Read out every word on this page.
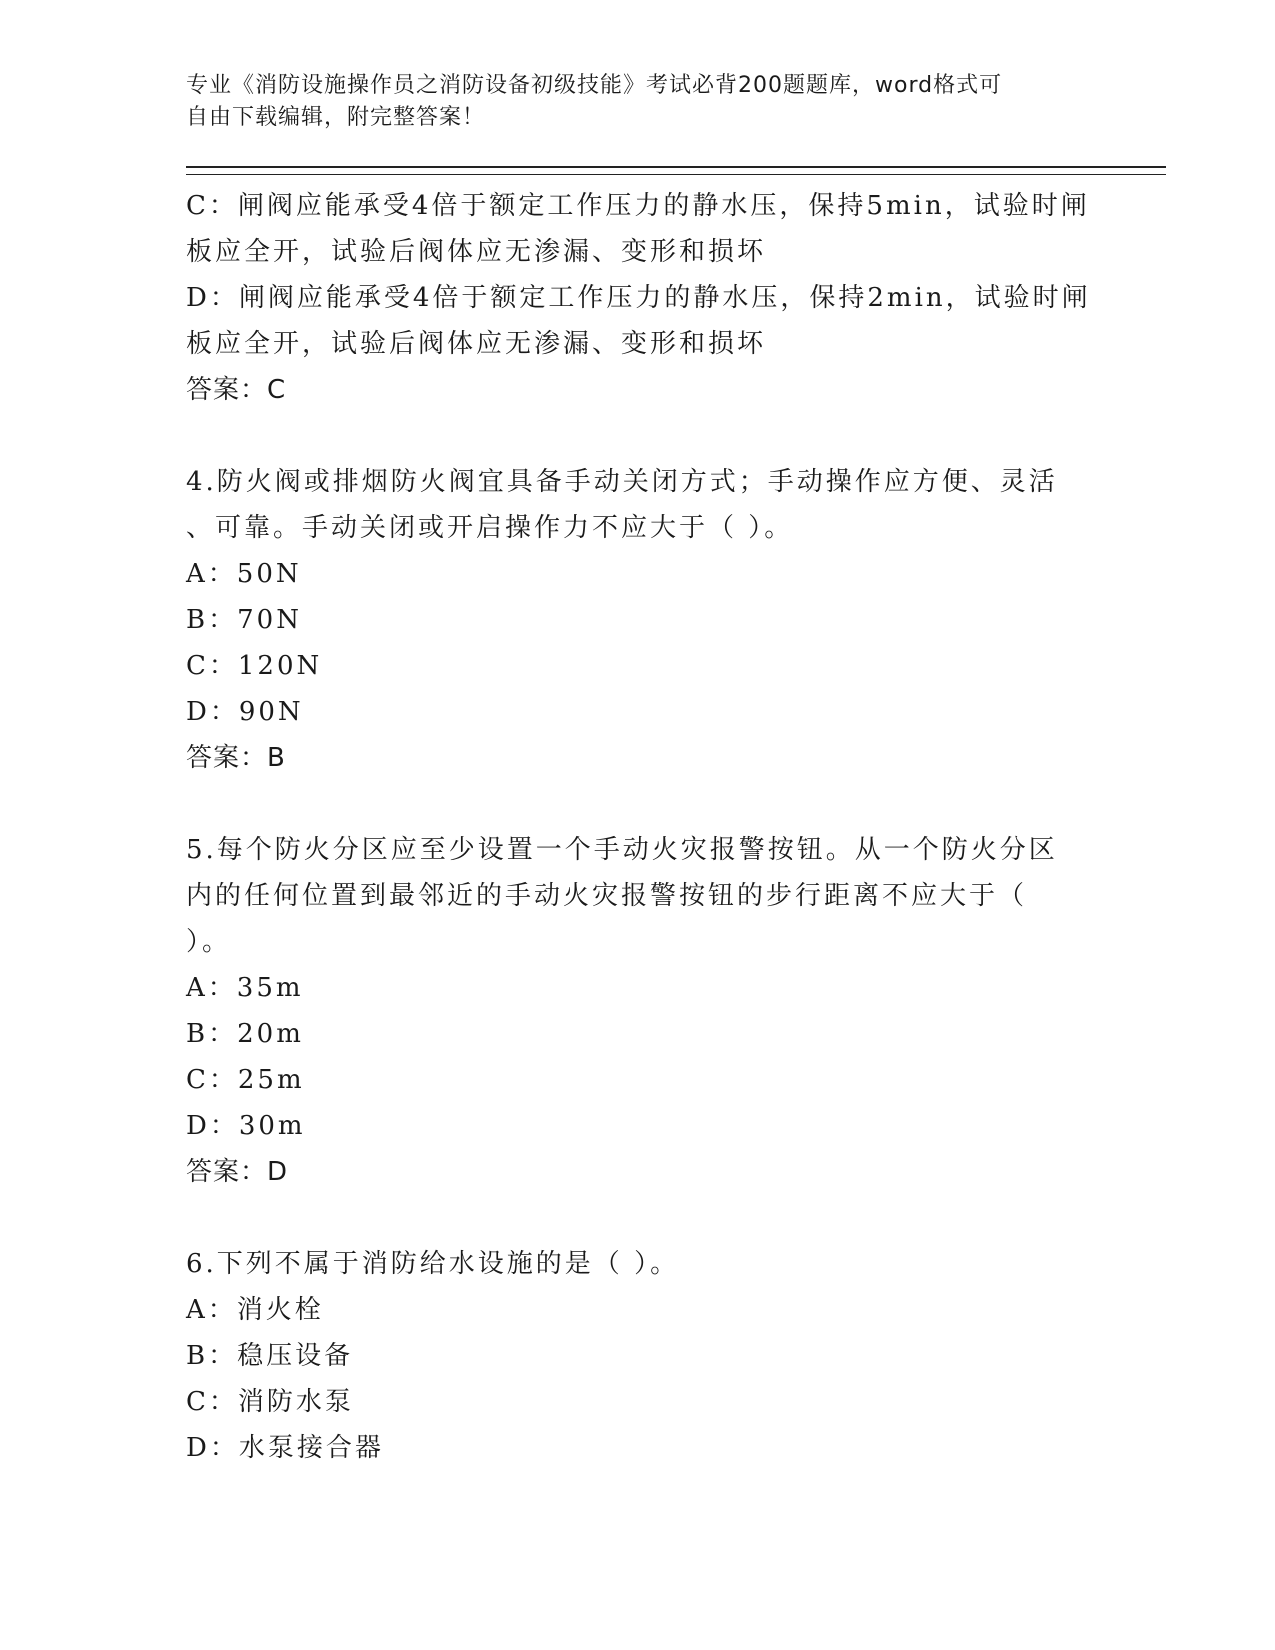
专业《消防设施操作员之消防设备初级技能》考试必背200题题库，word格式可
自由下载编辑，附完整答案！
C：闸阀应能承受4倍于额定工作压力的静水压，保持5min，试验时闸
板应全开，试验后阀体应无渗漏、变形和损坏
D：闸阀应能承受4倍于额定工作压力的静水压，保持2min，试验时闸
板应全开，试验后阀体应无渗漏、变形和损坏
答案：C
4.防火阀或排烟防火阀宜具备手动关闭方式；手动操作应方便、灵活
、可靠。手动关闭或开启操作力不应大于（ ）。
A：50N
B：70N
C：120N
D：90N
答案：B
5.每个防火分区应至少设置一个手动火灾报警按钮。从一个防火分区
内的任何位置到最邻近的手动火灾报警按钮的步行距离不应大于（
）。
A：35m
B：20m
C：25m
D：30m
答案：D
6.下列不属于消防给水设施的是（ ）。
A：消火栓
B：稳压设备
C：消防水泵
D：水泵接合器
